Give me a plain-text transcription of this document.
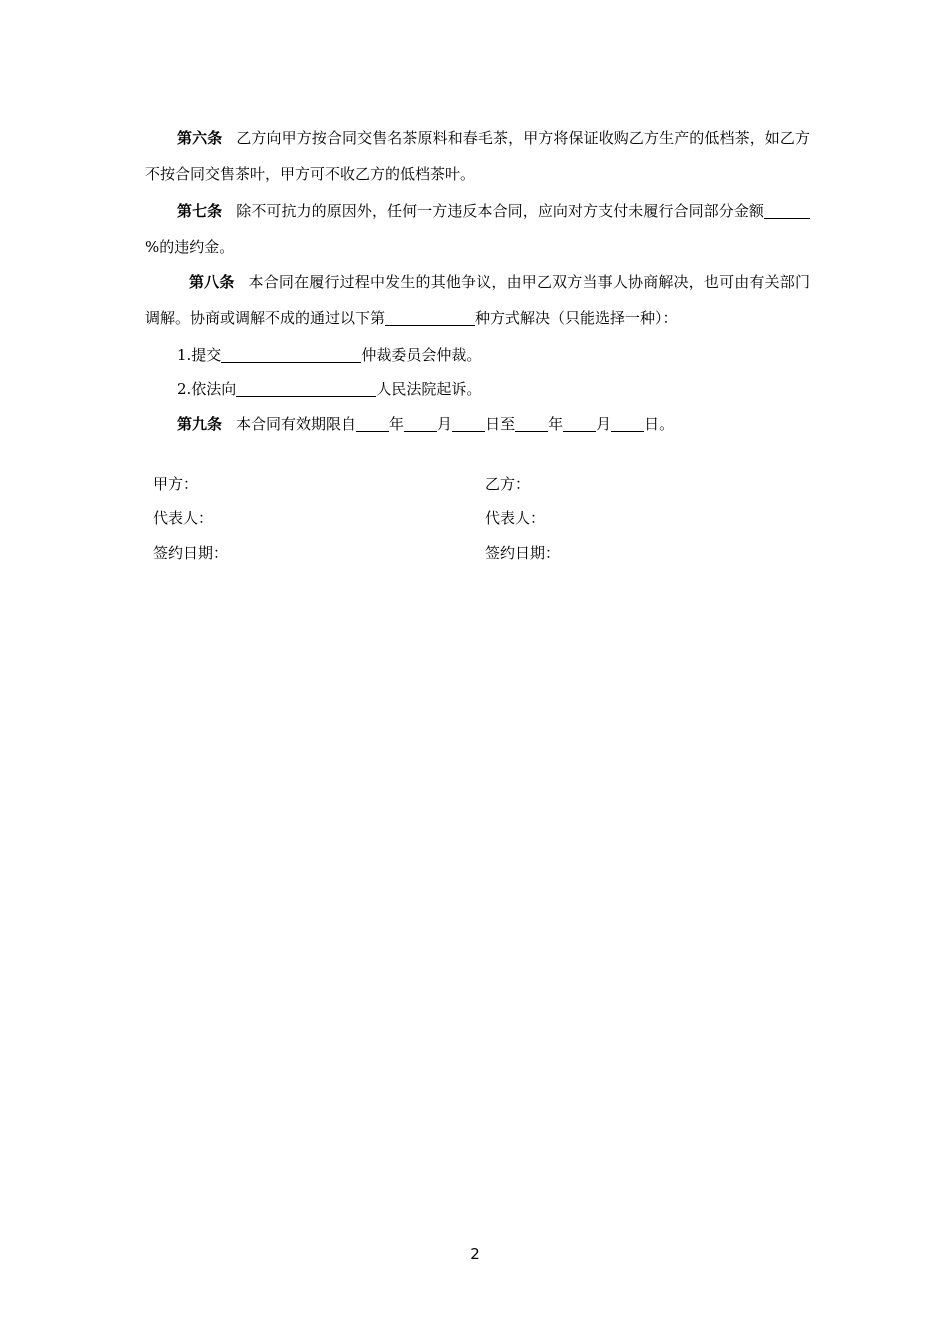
第六条 乙方向甲方按合同交售名茶原料和春毛茶，甲方将保证收购乙方生产的低档茶，如乙方不按合同交售茶叶，甲方可不收乙方的低档茶叶。
第七条 除不可抗力的原因外，任何一方违反本合同，应向对方支付未履行合同部分金额%的违约金。
第八条 本合同在履行过程中发生的其他争议，由甲乙双方当事人协商解决，也可由有关部门调解。协商或调解不成的通过以下第	种方式解决（只能选择一种）：
1.提交	仲裁委员会仲裁。
2.依法向	人民法院起诉。
第九条 本合同有效期限自 年 月 日至 年 月 日。
甲方：	乙方：
代表人：	代表人：
签约日期：	签约日期：
2
